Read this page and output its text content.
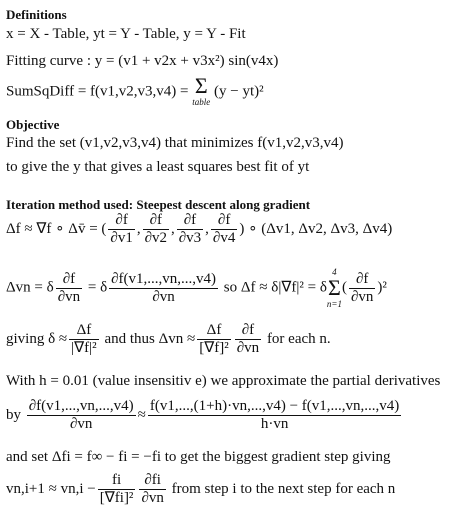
Definitions
x = X - Table, yt = Y - Table, y = Y - Fit
Fitting curve : y = (v1 + v2x + v3x²) sin(v4x)
SumSqDiff = f(v1,v2,v3,v4) = Σ
table
(y − yt)²
Objective
Find the set (v1,v2,v3,v4) that minimizes f(v1,v2,v3,v4)
to give the y that gives a least squares best fit of yt
Iteration method used: Steepest descent along gradient
Δf ≈ ∇f ∘ Δv̄ = ( $\frac{\partial f}{\partial v1}$ , $\frac{\partial f}{\partial v2}$ , $\frac{\partial f}{\partial v3}$ , $\frac{\partial f}{\partial v4}$ ) ∘ (Δv1, Δv2, Δv3, Δv4)
Δvn = δ $\frac{\partial f}{\partial vn} = \delta \frac{\partial f(v1,...,vn,...,v4)}{\partial vn}$ so Δf ≈ δ|∇f|² = δ
4
Σ
n=1
( $\frac{\partial f}{\partial vn} )^2$
giving $\delta \approx \frac{\Delta f}{\text{|∇f|²}}$ and thus $\Delta vn \approx \frac{\Delta f}{\text{[∇f]²}} \frac{\partial f}{\partial vn}$ for each n.
With h = 0.01 (value insensitiv e) we approximate the partial derivatives
by $\frac{\partial f(v1,...,vn,...,v4)}{\partial vn} \approx \frac{f(v1,...,(1+h)\cdot vn,...,v4) - f(v1,...,vn,...,v4)}{h\cdot vn}$
and set Δfi = f∞ − fi = −fi to get the biggest gradient step giving
$vn,i+1 \approx vn,i - \frac{fi}{\text{[∇fi]²}} \frac{\partial fi}{\partial vn}$ from step i to the next step for each n
